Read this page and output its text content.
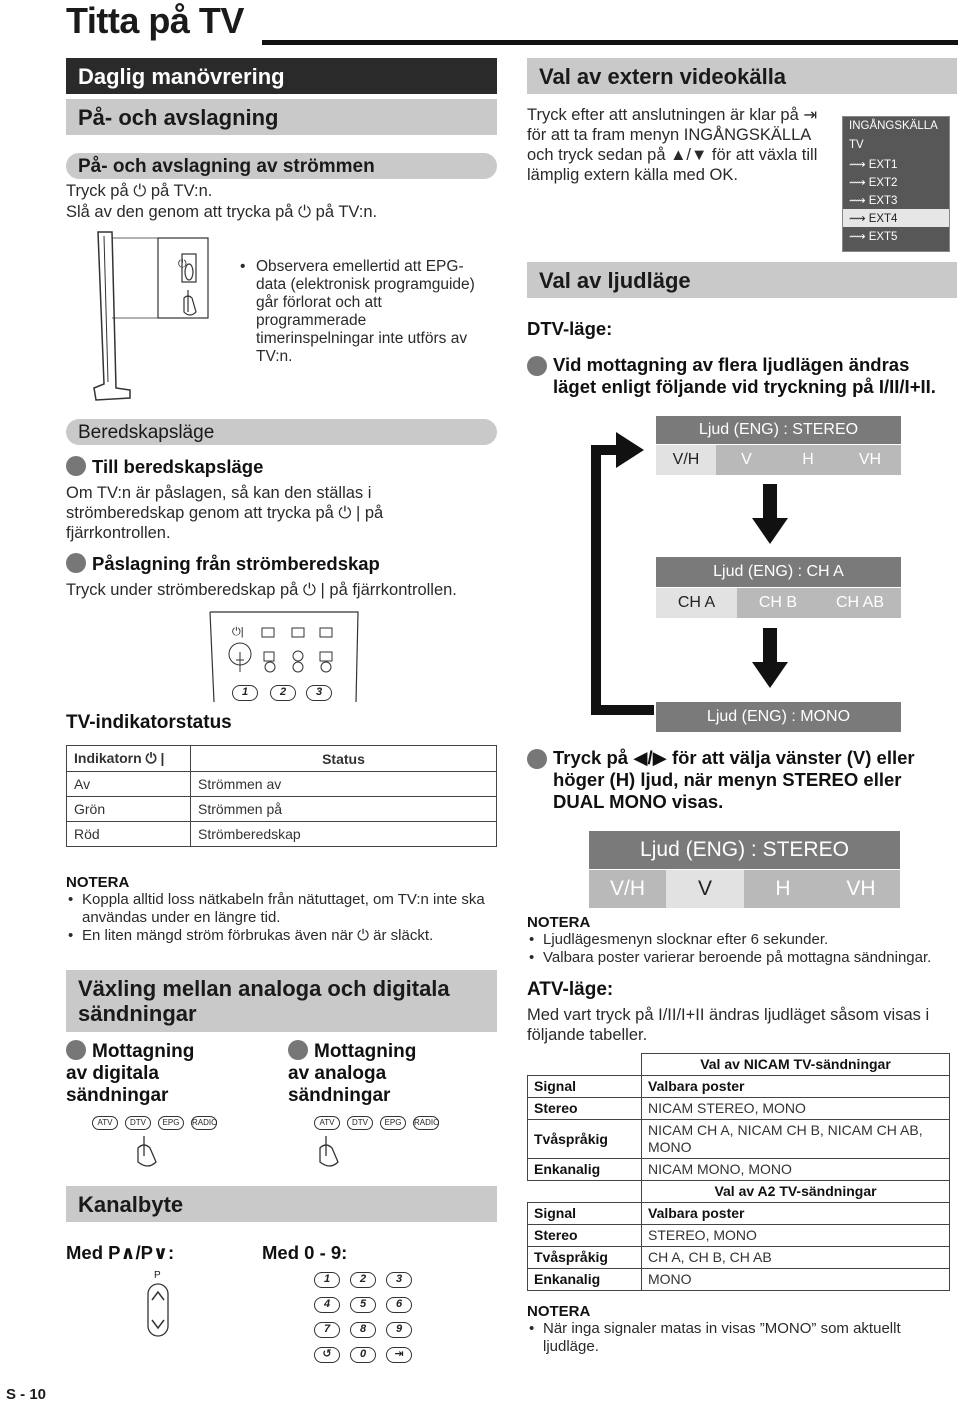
Titta på TV
Daglig manövrering
På- och avslagning
På- och avslagning av strömmen
Tryck på ⏻ på TV:n.
Slå av den genom att trycka på ⏻ på TV:n.
⏻	• Observera emellertid att EPG-data (elektronisk programguide) går förlorat och att programmerade timerinspelningar inte utförs av TV:n.
Beredskapsläge
Till beredskapsläge
Om TV:n är påslagen, så kan den ställas i strömberedskap genom att trycka på ⏻ | på fjärrkontrollen.
Påslagning från strömberedskap
Tryck under strömberedskap på ⏻ | på fjärrkontrollen.
⏻|
1	2	3
TV-indikatorstatus
Indikatorn ⏻ |	Status
Av	Strömmen av
Grön	Strömmen på
Röd	Strömberedskap
NOTERA
• Koppla alltid loss nätkabeln från nätuttaget, om TV:n inte ska användas under en längre tid.
• En liten mängd ström förbrukas även när ⏻ är släckt.
Växling mellan analoga och digitala sändningar
Mottagning av digitala sändningar
Mottagning av analoga sändningar
ATV DTV EPG RADIO	ATV DTV EPG RADIO
Kanalbyte
Med P∧/P∨:	Med 0 - 9:
P	1	2	3
4	5	6
7	8	9
↺	0	⇥
S - 10
Val av extern videokälla
Tryck efter att anslutningen är klar på ⇥ för att ta fram menyn INGÅNGSKÄLLA och tryck sedan på ▲/▼ för att växla till lämplig extern källa med OK.
INGÅNGSKÄLLA
TV
⟿ EXT1
⟿ EXT2
⟿ EXT3
⟿ EXT4
⟿ EXT5
Val av ljudläge
DTV-läge:
Vid mottagning av flera ljudlägen ändras läget enligt följande vid tryckning på I/II/I+II.
Ljud (ENG) : STEREO
V/H	V	H	VH
Ljud (ENG) : CH A
CH A	CH B CH AB
Ljud (ENG) : MONO
Tryck på ◀/▶ för att välja vänster (V) eller höger (H) ljud, när menyn STEREO eller DUAL MONO visas.
Ljud (ENG) : STEREO
V/H	V	H	VH
NOTERA
• Ljudlägesmenyn slocknar efter 6 sekunder.
• Valbara poster varierar beroende på mottagna sändningar.
ATV-läge:
Med vart tryck på I/II/I+II ändras ljudläget såsom visas i följande tabeller.
	Val av NICAM TV-sändningar
Signal	Valbara poster
Stereo	NICAM STEREO, MONO
Tvåspråkig	NICAM CH A, NICAM CH B, NICAM CH AB, MONO
Enkanalig	NICAM MONO, MONO
	Val av A2 TV-sändningar
Signal	Valbara poster
Stereo	STEREO, MONO
Tvåspråkig	CH A, CH B, CH AB
Enkanalig	MONO
NOTERA
• När inga signaler matas in visas ”MONO” som aktuellt ljudläge.
